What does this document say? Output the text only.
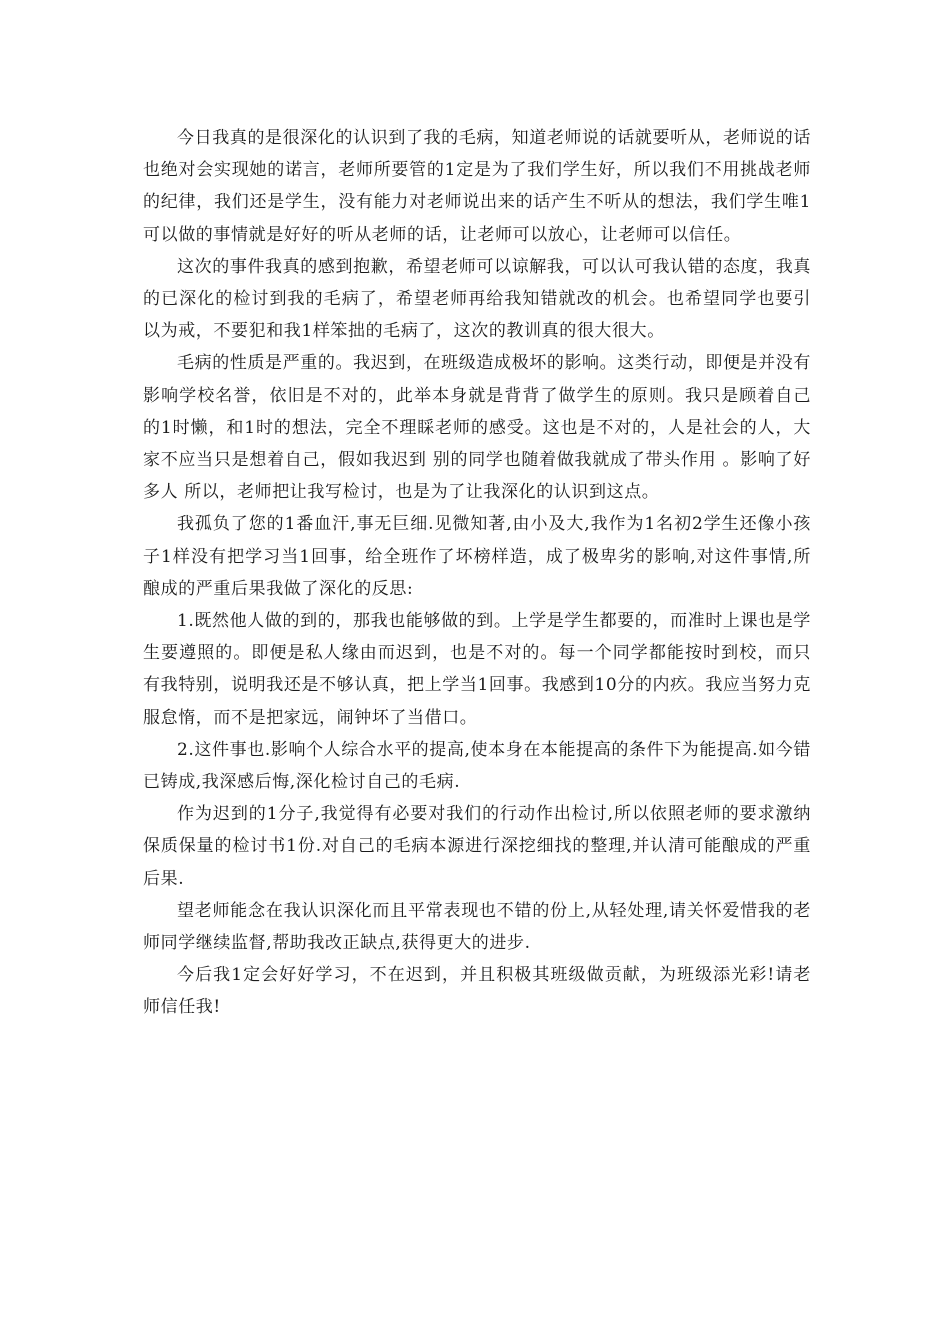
今日我真的是很深化的认识到了我的毛病，知道老师说的话就要听从，老师说的话也绝对会实现她的诺言，老师所要管的1定是为了我们学生好，所以我们不用挑战老师的纪律，我们还是学生，没有能力对老师说出来的话产生不听从的想法，我们学生唯1可以做的事情就是好好的听从老师的话，让老师可以放心，让老师可以信任。

这次的事件我真的感到抱歉，希望老师可以谅解我，可以认可我认错的态度，我真的已深化的检讨到我的毛病了，希望老师再给我知错就改的机会。也希望同学也要引以为戒，不要犯和我1样笨拙的毛病了，这次的教训真的很大很大。

毛病的性质是严重的。我迟到，在班级造成极坏的影响。这类行动，即便是并没有影响学校名誉，依旧是不对的，此举本身就是背背了做学生的原则。我只是顾着自己的1时懒，和1时的想法，完全不理睬老师的感受。这也是不对的，人是社会的人，大家不应当只是想着自己，假如我迟到 别的同学也随着做我就成了带头作用 。影响了好多人 所以，老师把让我写检讨，也是为了让我深化的认识到这点。

我孤负了您的1番血汗,事无巨细.见微知著,由小及大,我作为1名初2学生还像小孩子1样没有把学习当1回事，给全班作了坏榜样造，成了极卑劣的影响,对这件事情,所酿成的严重后果我做了深化的反思:

1.既然他人做的到的，那我也能够做的到。上学是学生都要的，而准时上课也是学生要遵照的。即便是私人缘由而迟到，也是不对的。每一个同学都能按时到校，而只有我特别，说明我还是不够认真，把上学当1回事。我感到10分的内疚。我应当努力克服怠惰，而不是把家远，闹钟坏了当借口。

2.这件事也.影响个人综合水平的提高,使本身在本能提高的条件下为能提高.如今错已铸成,我深感后悔,深化检讨自己的毛病.

作为迟到的1分子,我觉得有必要对我们的行动作出检讨,所以依照老师的要求激纳保质保量的检讨书1份.对自己的毛病本源进行深挖细找的整理,并认清可能酿成的严重后果.

望老师能念在我认识深化而且平常表现也不错的份上,从轻处理,请关怀爱惜我的老师同学继续监督,帮助我改正缺点,获得更大的进步.

今后我1定会好好学习，不在迟到，并且积极其班级做贡献，为班级添光彩!请老师信任我!
